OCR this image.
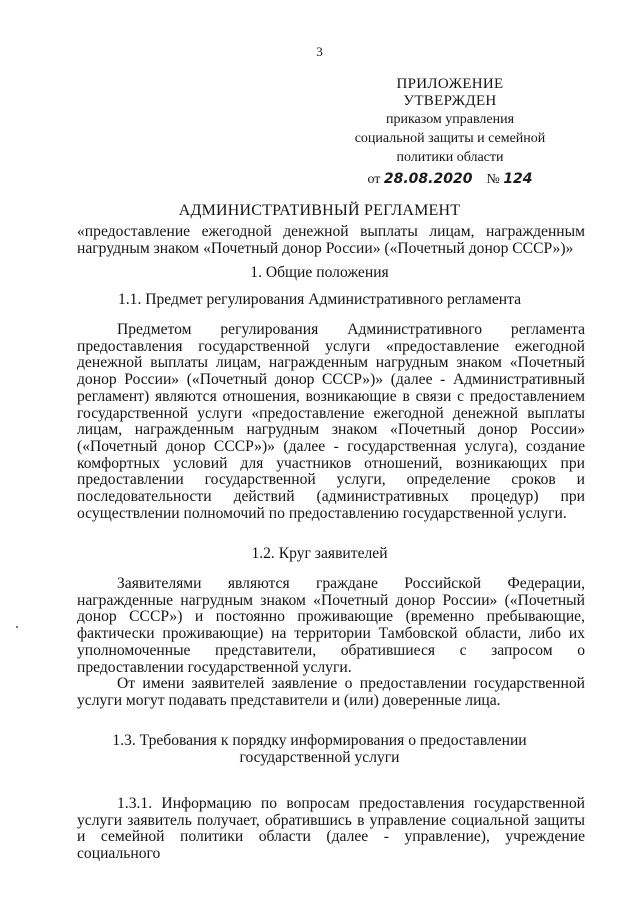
3
ПРИЛОЖЕНИЕ
УТВЕРЖДЕН
приказом управления
социальной защиты и семейной
политики области
от 28.08.2020 № 124
АДМИНИСТРАТИВНЫЙ РЕГЛАМЕНТ

«предоставление ежегодной денежной выплаты лицам, награжденным нагрудным знаком «Почетный донор России» («Почетный донор СССР»)»

1. Общие положения
1.1. Предмет регулирования Административного регламента

Предметом регулирования Административного регламента предоставления государственной услуги «предоставление ежегодной денежной выплаты лицам, награжденным нагрудным знаком «Почетный донор России» («Почетный донор СССР»)» (далее - Административный регламент) являются отношения, возникающие в связи с предоставлением государственной услуги «предоставление ежегодной денежной выплаты лицам, награжденным нагрудным знаком «Почетный донор России» («Почетный донор СССР»)» (далее - государственная услуга), создание комфортных условий для участников отношений, возникающих при предоставлении государственной услуги, определение сроков и последовательности действий (административных процедур) при осуществлении полномочий по предоставлению государственной услуги.

1.2. Круг заявителей

Заявителями являются граждане Российской Федерации, награжденные нагрудным знаком «Почетный донор России» («Почетный донор СССР») и постоянно проживающие (временно пребывающие, фактически проживающие) на территории Тамбовской области, либо их уполномоченные представители, обратившиеся с запросом о предоставлении государственной услуги.

От имени заявителей заявление о предоставлении государственной услуги могут подавать представители и (или) доверенные лица.

1.3. Требования к порядку информирования о предоставлении
государственной услуги

1.3.1. Информацию по вопросам предоставления государственной услуги заявитель получает, обратившись в управление социальной защиты и семейной политики области (далее - управление), учреждение социального
